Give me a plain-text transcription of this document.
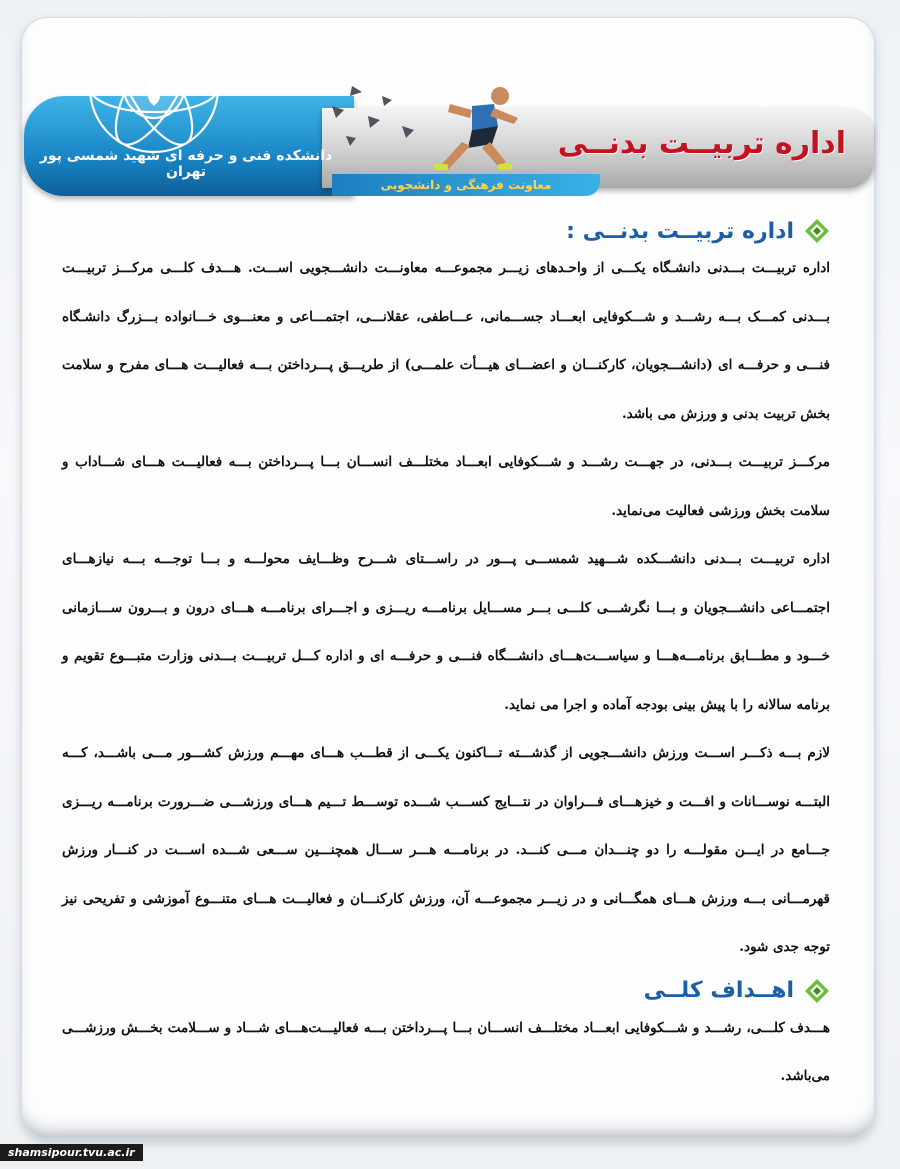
دانشکده فنی و حرفه ای شهید شمسی پور تهران
اداره تربیــت بدنــی
معاونت فرهنگی و دانشجویی
اداره تربیــت بدنــی :

اداره تربیـــت بـــدنی دانشـگاه یکـــی از واحـدهای زیـــر مجموعـــه معاونـــت دانشـــجویی اســـت. هـــدف کلـــی مرکـــز تربیـــت بـــدنی کمـــک بـــه رشـــد و شـــکوفایی ابعـــاد جســـمانی، عـــاطفی، عقلانـــی، اجتمـــاعی و معنـــوی خـــانواده بـــزرگ دانشـگاه فنـــی و حرفـــه ای (دانشـــجویان، کارکنـــان و اعضـــای هیـــأت علمـــی) از طریـــق پـــرداختن بـــه فعالیـــت هـــای مفرح و سلامت بخش تربیت بدنی و ورزش می باشد.

مرکـــز تربیـــت بـــدنی، در جهـــت رشـــد و شـــکوفایی ابعـــاد مختلـــف انســـان بـــا پـــرداختن بـــه فعالیـــت هـــای شـــاداب و سلامت بخش ورزشی فعالیت می‌نماید.

اداره تربیـــت بـــدنی دانشـــکده شـــهید شمســـی پـــور در راســـتای شـــرح وظـــایف محولـــه و بـــا توجـــه بـــه نیازهـــای اجتمـــاعی دانشـــجویان و بـــا نگرشـــی کلـــی بـــر مســـایل برنامـــه ریـــزی و اجـــرای برنامـــه هـــای درون و بـــرون ســـازمانی خـــود و مطـــابق برنامـــه‌هـــا و سیاســـت‌هـــای دانشـــگاه فنـــی و حرفـــه ای و اداره کـــل تربیـــت بـــدنی وزارت متبـــوع تقویم و برنامه سالانه را با پیش بینی بودجه آماده و اجرا می نماید.

لازم بـــه ذکـــر اســـت ورزش دانشـــجویی از گذشـــته تـــاکنون یکـــی از قطـــب هـــای مهـــم ورزش کشـــور مـــی باشـــد، کـــه البتـــه نوســـانات و افـــت و خیزهـــای فـــراوان در نتـــایج کســـب شـــده توســـط تـــیم هـــای ورزشـــی ضـــرورت برنامـــه ریـــزی جـــامع در ایـــن مقولـــه را دو چنـــدان مـــی کنـــد. در برنامـــه هـــر ســـال همچنـــین ســـعی شـــده اســـت در کنـــار ورزش قهرمـــانی بـــه ورزش هـــای همگـــانی و در زیـــر مجموعـــه آن، ورزش کارکنـــان و فعالیـــت هـــای متنـــوع آموزشی و تفریحی نیز توجه جدی شود.

اهــداف کلــی

هـــدف کلـــی، رشـــد و شـــکوفایی ابعـــاد مختلـــف انســـان بـــا پـــرداختن بـــه فعالیـــت‌هـــای شـــاد و ســـلامت بخـــش ورزشـــی می‌باشد.

shamsipour.tvu.ac.ir
